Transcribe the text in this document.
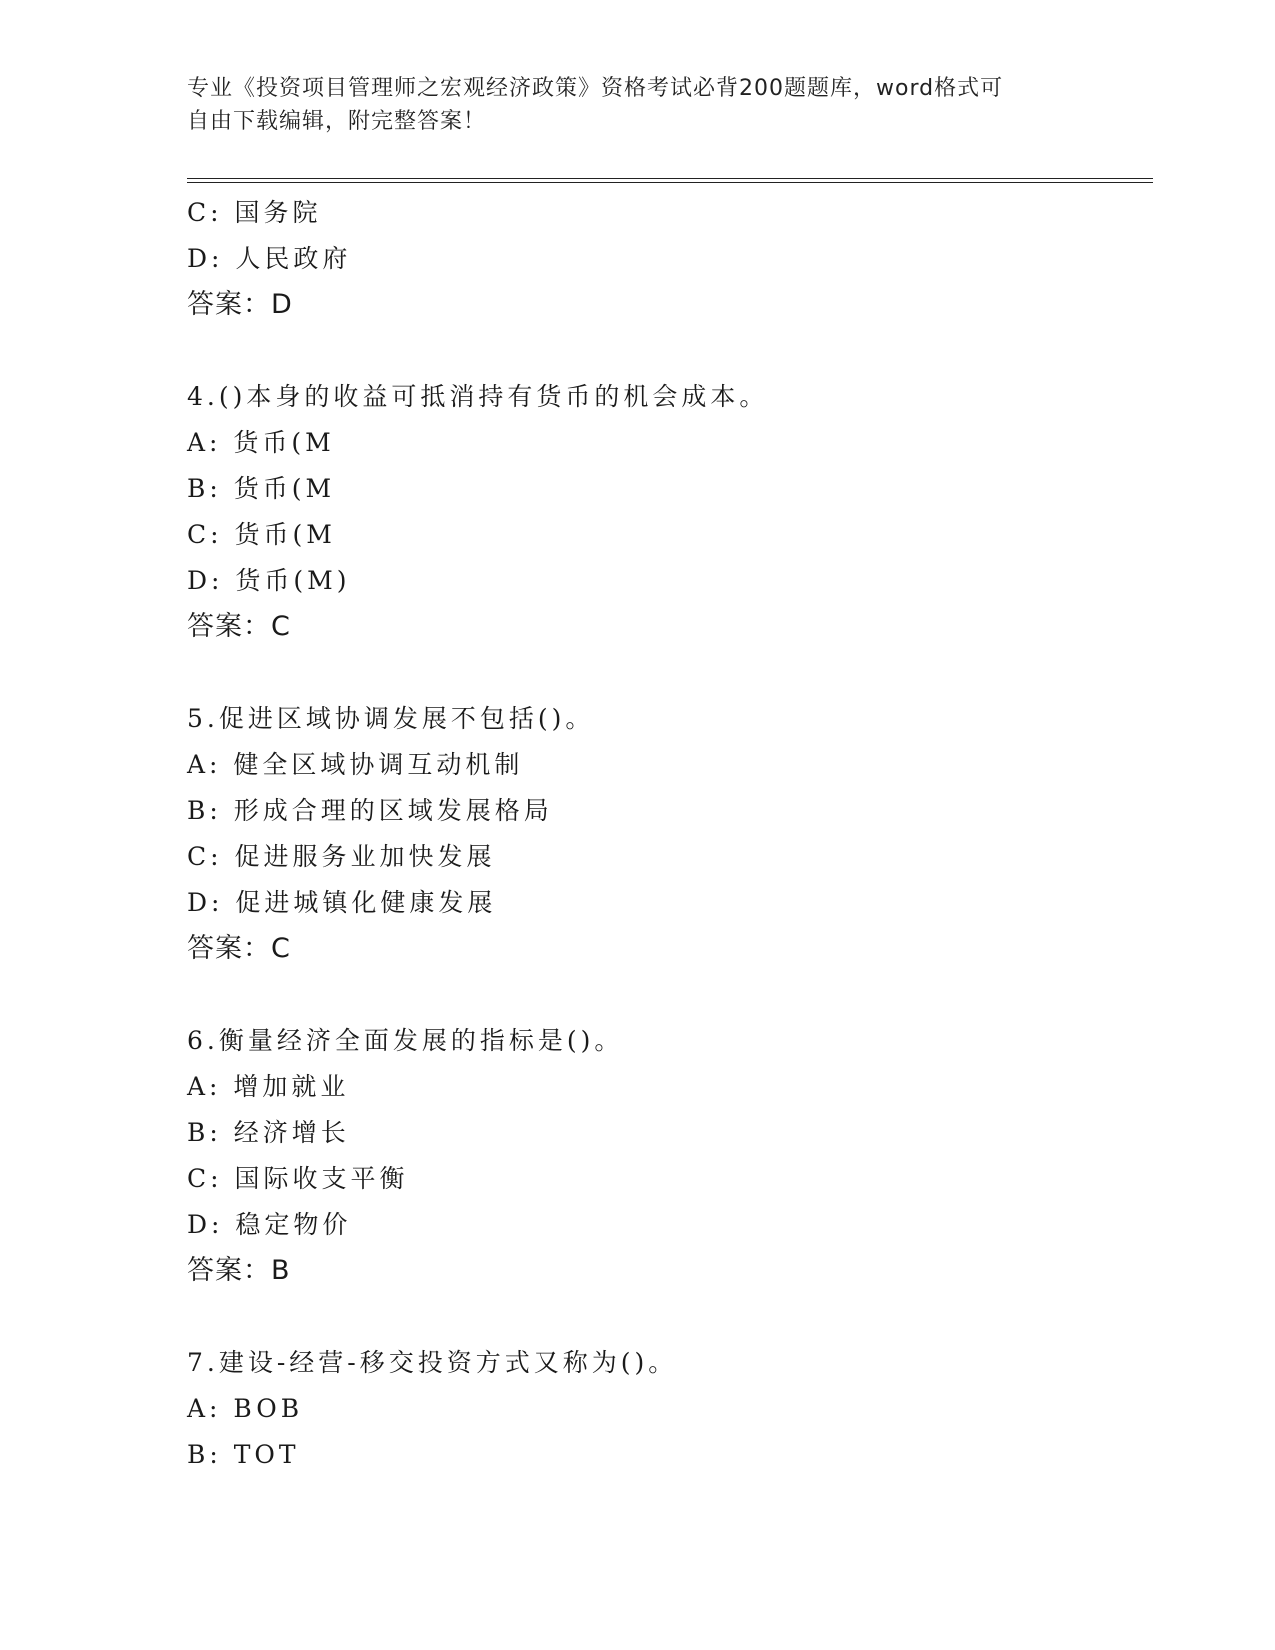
专业《投资项目管理师之宏观经济政策》资格考试必背200题题库，word格式可
自由下载编辑，附完整答案！
C: 国务院
D: 人民政府
答案：D
4.()本身的收益可抵消持有货币的机会成本。
A: 货币(M
B: 货币(M
C: 货币(M
D: 货币(M)
答案：C
5.促进区域协调发展不包括()。
A: 健全区域协调互动机制
B: 形成合理的区域发展格局
C: 促进服务业加快发展
D: 促进城镇化健康发展
答案：C
6.衡量经济全面发展的指标是()。
A: 增加就业
B: 经济增长
C: 国际收支平衡
D: 稳定物价
答案：B
7.建设-经营-移交投资方式又称为()。
A: BOB
B: TOT
